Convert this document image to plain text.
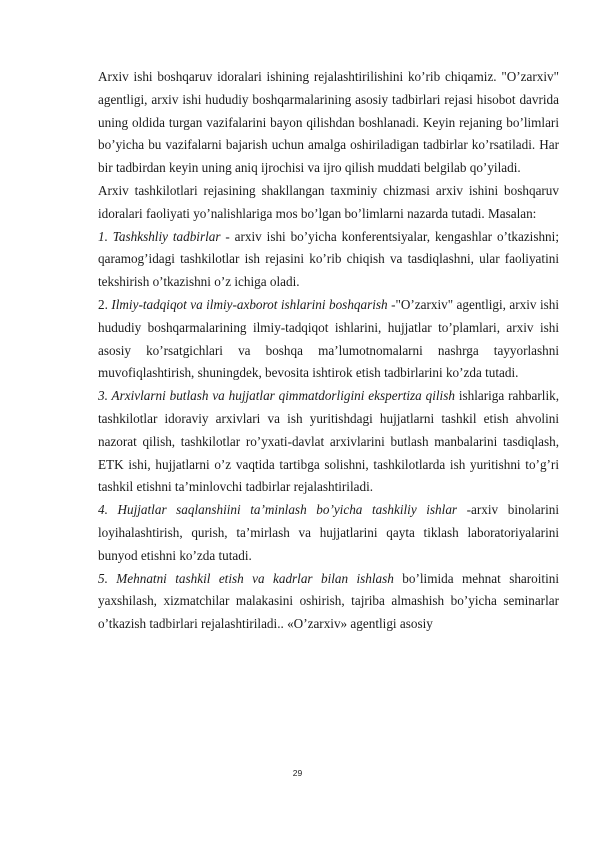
Arxiv ishi boshqaruv idoralari ishining rejalashtirilishini ko’rib chiqamiz. "O’zarxiv" agentligi, arxiv ishi hududiy boshqarmalarining asosiy tadbirlari rejasi hisobot davrida uning oldida turgan vazifalarini bayon qilishdan boshlanadi. Keyin rejaning bo’limlari bo’yicha bu vazifalarni bajarish uchun amalga oshiriladigan tadbirlar ko’rsatiladi. Har bir tadbirdan keyin uning aniq ijrochisi va ijro qilish muddati belgilab qo’yiladi.

Arxiv tashkilotlari rejasining shakllangan taxminiy chizmasi arxiv ishini boshqaruv idoralari faoliyati yo’nalishlariga mos bo’lgan bo’limlarni nazarda tutadi. Masalan:

1. Tashkshliy tadbirlar - arxiv ishi bo’yicha konferentsiyalar, kengashlar o’tkazishni; qaramog’idagi tashkilotlar ish rejasini ko’rib chiqish va tasdiqlashni, ular faoliyatini tekshirish o’tkazishni o’z ichiga oladi.

2. Ilmiy-tadqiqot va ilmiy-axborot ishlarini boshqarish -"O’zarxiv" agentligi, arxiv ishi hududiy boshqarmalarining ilmiy-tadqiqot ishlarini, hujjatlar to’plamlari, arxiv ishi asosiy ko’rsatgichlari va boshqa ma’lumotnomalarni nashrga tayyorlashni muvofiqlashtirish, shuningdek, bevosita ishtirok etish tadbirlarini ko’zda tutadi.

3. Arxivlarni butlash va hujjatlar qimmatdorligini ekspertiza qilish ishlariga rahbarlik, tashkilotlar idoraviy arxivlari va ish yuritishdagi hujjatlarni tashkil etish ahvolini nazorat qilish, tashkilotlar ro’yxati-davlat arxivlarini butlash manbalarini tasdiqlash, ETK ishi, hujjatlarni o’z vaqtida tartibga solishni, tashkilotlarda ish yuritishni to’g’ri tashkil etishni ta’minlovchi tadbirlar rejalashtiriladi.

4. Hujjatlar saqlanshiini ta’minlash bo’yicha tashkiliy ishlar -arxiv binolarini loyihalashtirish, qurish, ta’mirlash va hujjatlarini qayta tiklash laboratoriyalarini bunyod etishni ko’zda tutadi.

5. Mehnatni tashkil etish va kadrlar bilan ishlash bo’limida mehnat sharoitini yaxshilash, xizmatchilar malakasini oshirish, tajriba almashish bo’yicha seminarlar o’tkazish tadbirlari rejalashtiriladi.. «O’zarxiv» agentligi asosiy

29
